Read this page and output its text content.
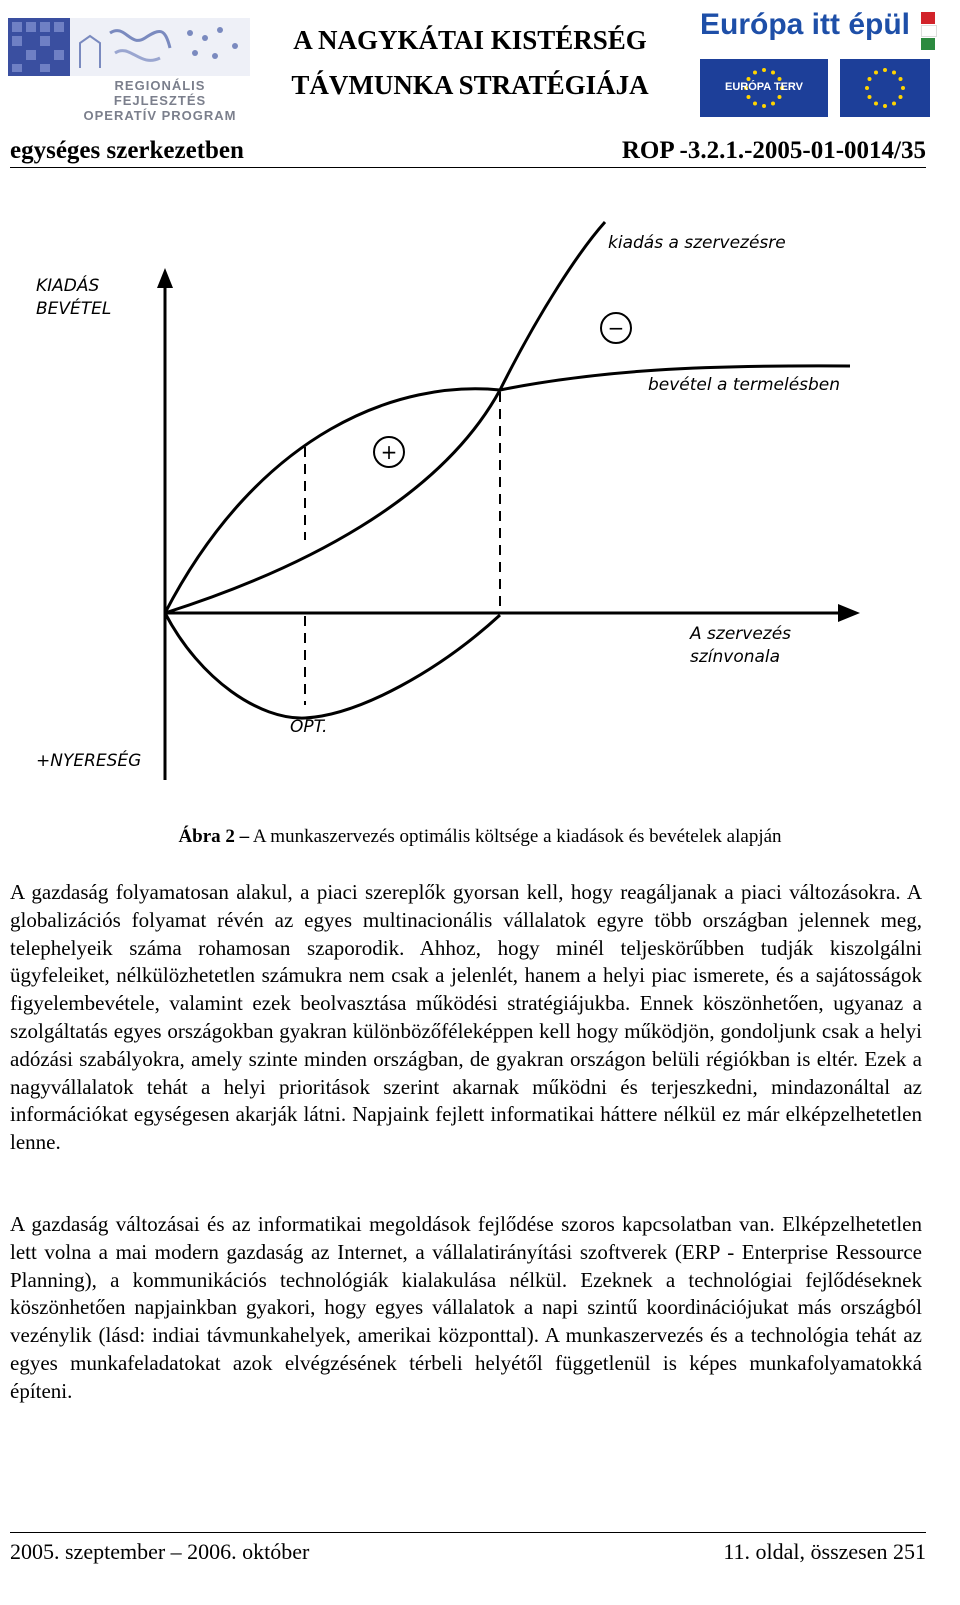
REGIONÁLIS FEJLESZTÉS
OPERATÍV PROGRAM
A NAGYKÁTAI KISTÉRSÉG
TÁVMUNKA STRATÉGIÁJA
Európa itt épül
EURÓPA TERV
egységes szerkezetben	ROP -3.2.1.-2005-01-0014/35
+
−
KIADÁS
BEVÉTEL
+NYERESÉG
A szervezés
színvonala
kiadás a szervezésre
bevétel a termelésben
OPT.
Ábra 2 – A munkaszervezés optimális költsége a kiadások és bevételek alapján
A gazdaság folyamatosan alakul, a piaci szereplők gyorsan kell, hogy reagáljanak a piaci változásokra. A globalizációs folyamat révén az egyes multinacionális vállalatok egyre több országban jelennek meg, telephelyeik száma rohamosan szaporodik. Ahhoz, hogy minél teljeskörűbben tudják kiszolgálni ügyfeleiket, nélkülözhetetlen számukra nem csak a jelenlét, hanem a helyi piac ismerete, és a sajátosságok figyelembevétele, valamint ezek beolvasztása működési stratégiájukba. Ennek köszönhetően, ugyanaz a szolgáltatás egyes országokban gyakran különbözőféleképpen kell hogy működjön, gondoljunk csak a helyi adózási szabályokra, amely szinte minden országban, de gyakran országon belüli régiókban is eltér. Ezek a nagyvállalatok tehát a helyi prioritások szerint akarnak működni és terjeszkedni, mindazonáltal az információkat egységesen akarják látni. Napjaink fejlett informatikai háttere nélkül ez már elképzelhetetlen lenne.
A gazdaság változásai és az informatikai megoldások fejlődése szoros kapcsolatban van. Elképzelhetetlen lett volna a mai modern gazdaság az Internet, a vállalatirányítási szoftverek (ERP - Enterprise Ressource Planning), a kommunikációs technológiák kialakulása nélkül. Ezeknek a technológiai fejlődéseknek köszönhetően napjainkban gyakori, hogy egyes vállalatok a napi szintű koordinációjukat más országból vezénylik (lásd: indiai távmunkahelyek, amerikai központtal). A munkaszervezés és a technológia tehát az egyes munkafeladatokat azok elvégzésének térbeli helyétől függetlenül is képes munkafolyamatokká építeni.
2005. szeptember – 2006. október	11. oldal, összesen 251
